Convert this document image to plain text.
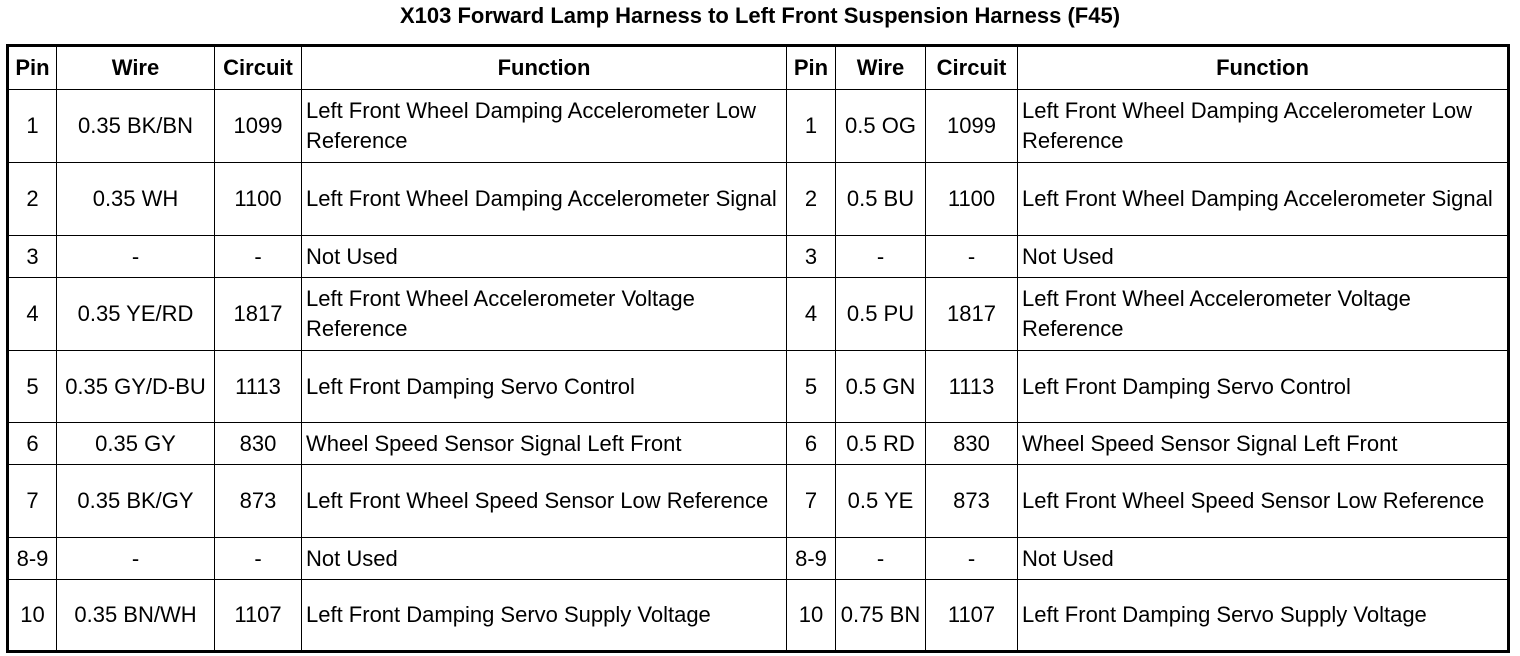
X103 Forward Lamp Harness to Left Front Suspension Harness (F45)
Pin	Wire	Circuit	Function	Pin	Wire	Circuit	Function
1	0.35 BK/BN	1099	Left Front Wheel Damping Accelerometer Low Reference	1	0.5 OG	1099	Left Front Wheel Damping Accelerometer Low Reference
2	0.35 WH	1100	Left Front Wheel Damping Accelerometer Signal	2	0.5 BU	1100	Left Front Wheel Damping Accelerometer Signal
3	-	-	Not Used	3	-	-	Not Used
4	0.35 YE/RD	1817	Left Front Wheel Accelerometer Voltage Reference	4	0.5 PU	1817	Left Front Wheel Accelerometer Voltage Reference
5	0.35 GY/D-BU	1113	Left Front Damping Servo Control	5	0.5 GN	1113	Left Front Damping Servo Control
6	0.35 GY	830	Wheel Speed Sensor Signal Left Front	6	0.5 RD	830	Wheel Speed Sensor Signal Left Front
7	0.35 BK/GY	873	Left Front Wheel Speed Sensor Low Reference	7	0.5 YE	873	Left Front Wheel Speed Sensor Low Reference
8-9	-	-	Not Used	8-9	-	-	Not Used
10	0.35 BN/WH	1107	Left Front Damping Servo Supply Voltage	10	0.75 BN	1107	Left Front Damping Servo Supply Voltage
